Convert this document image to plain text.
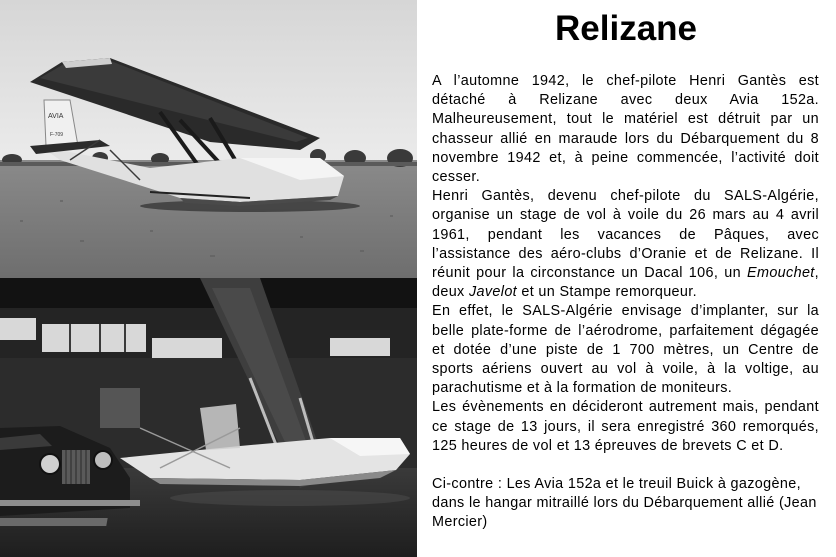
AVIA
F-709
Relizane

A l’automne 1942, le chef-pilote Henri Gantès est détaché à Relizane avec deux Avia 152a. Malheureusement, tout le matériel est détruit par un chasseur allié en maraude lors du Débarquement du 8 novembre 1942 et, à peine commencée, l’activité doit cesser.

Henri Gantès, devenu chef-pilote du SALS-Algérie, organise un stage de vol à voile du 26 mars au 4 avril 1961, pendant les vacances de Pâques, avec l’assistance des aéro-clubs d’Oranie et de Relizane. Il réunit pour la circonstance un Dacal 106, un Emouchet, deux Javelot et un Stampe remorqueur.

En effet, le SALS-Algérie envisage d’implanter, sur la belle plate-forme de l’aérodrome, parfaitement dégagée et dotée d’une piste de 1 700 mètres, un Centre de sports aériens ouvert au vol à voile, à la voltige, au parachutisme et à la formation de moniteurs.

Les évènements en décideront autrement mais, pendant ce stage de 13 jours, il sera enregistré 360 remorqués, 125 heures de vol et 13 épreuves de brevets C et D.

Ci-contre : Les Avia 152a et le treuil Buick à gazogène, dans le hangar mitraillé lors du Débarquement allié (Jean Mercier)
